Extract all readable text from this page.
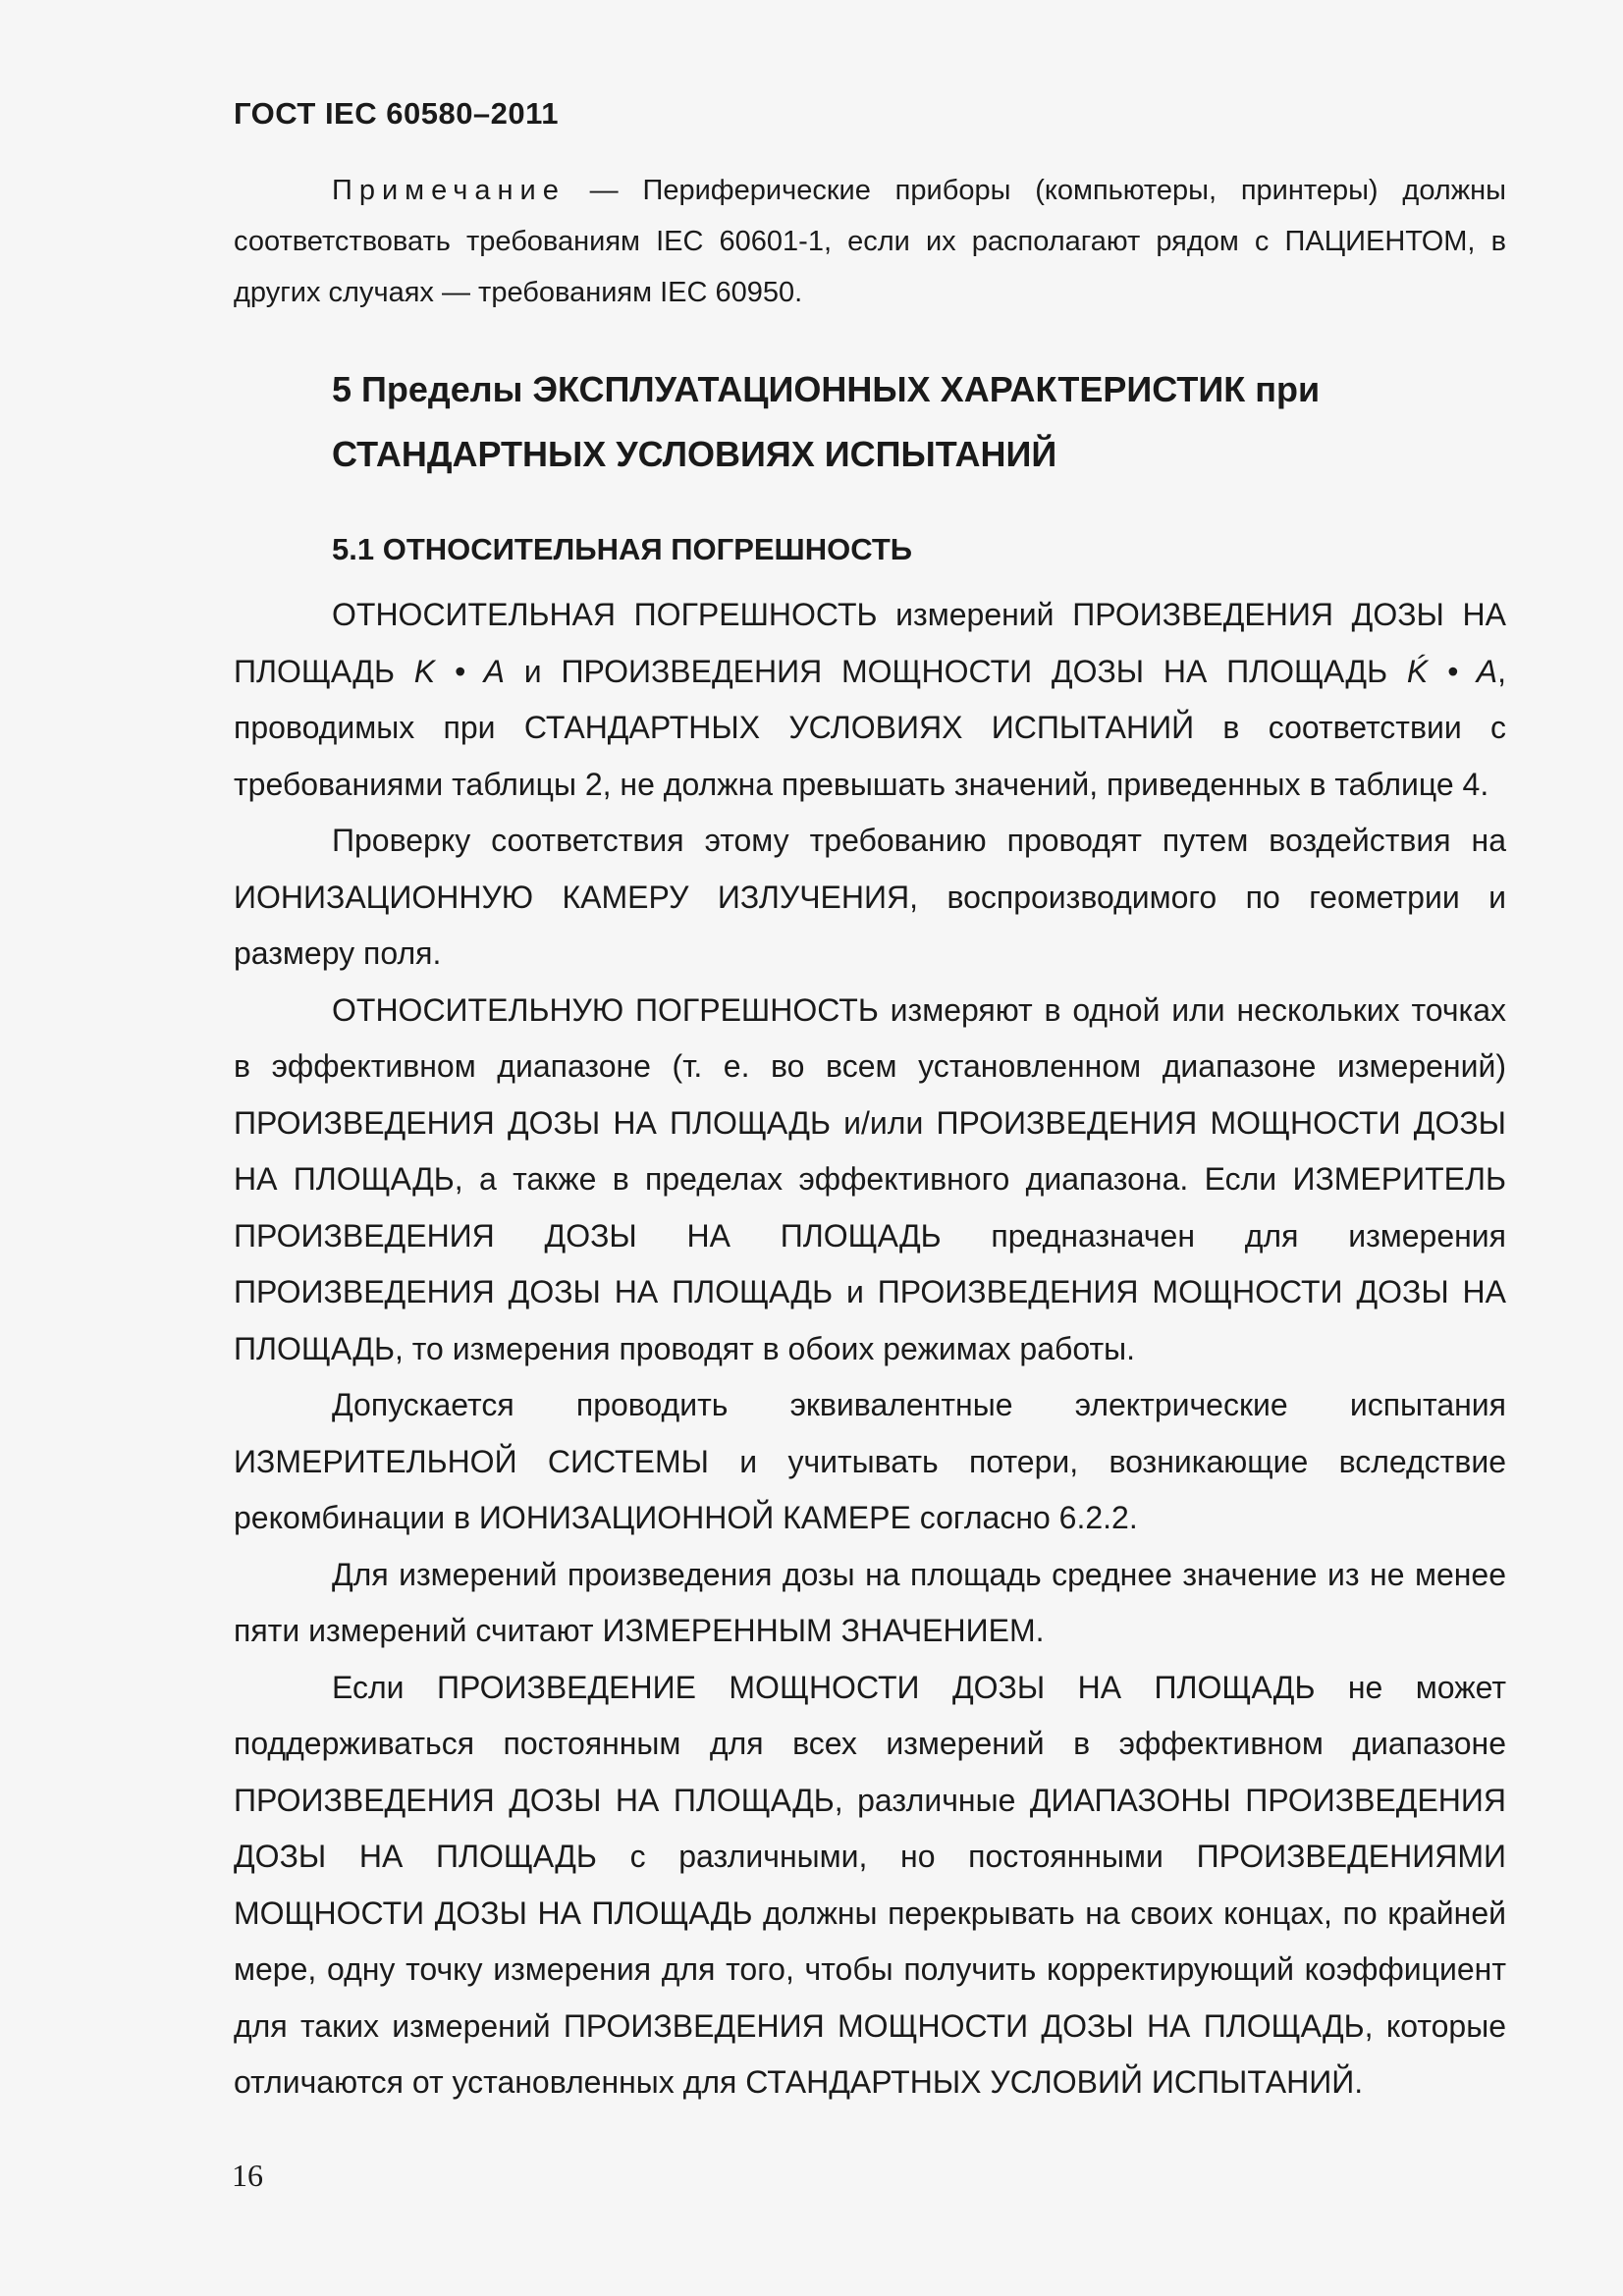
ГОСТ IEC 60580–2011

Примечание — Периферические приборы (компьютеры, принтеры) должны соответствовать требованиям IEC 60601-1, если их располагают рядом с ПАЦИЕНТОМ, в других случаях — требованиям IEC 60950.

5 Пределы ЭКСПЛУАТАЦИОННЫХ ХАРАКТЕРИСТИК при СТАНДАРТНЫХ УСЛОВИЯХ ИСПЫТАНИЙ
5.1 ОТНОСИТЕЛЬНАЯ ПОГРЕШНОСТЬ

ОТНОСИТЕЛЬНАЯ ПОГРЕШНОСТЬ измерений ПРОИЗВЕДЕНИЯ ДОЗЫ НА ПЛОЩАДЬ K • A и ПРОИЗВЕДЕНИЯ МОЩНОСТИ ДОЗЫ НА ПЛОЩАДЬ Ḱ • A, проводимых при СТАНДАРТНЫХ УСЛОВИЯХ ИСПЫТАНИЙ в соответствии с требованиями таблицы 2, не должна превышать значений, приведенных в таблице 4.

Проверку соответствия этому требованию проводят путем воздействия на ИОНИЗАЦИОННУЮ КАМЕРУ ИЗЛУЧЕНИЯ, воспроизводимого по геометрии и размеру поля.

ОТНОСИТЕЛЬНУЮ ПОГРЕШНОСТЬ измеряют в одной или нескольких точках в эффективном диапазоне (т. е. во всем установленном диапазоне измерений) ПРОИЗВЕДЕНИЯ ДОЗЫ НА ПЛОЩАДЬ и/или ПРОИЗВЕДЕНИЯ МОЩНОСТИ ДОЗЫ НА ПЛОЩАДЬ, а также в пределах эффективного диапазона. Если ИЗМЕРИТЕЛЬ ПРОИЗВЕДЕНИЯ ДОЗЫ НА ПЛОЩАДЬ предназначен для измерения ПРОИЗВЕДЕНИЯ ДОЗЫ НА ПЛОЩАДЬ и ПРОИЗВЕДЕНИЯ МОЩНОСТИ ДОЗЫ НА ПЛОЩАДЬ, то измерения проводят в обоих режимах работы.

Допускается проводить эквивалентные электрические испытания ИЗМЕРИТЕЛЬНОЙ СИСТЕМЫ и учитывать потери, возникающие вследствие рекомбинации в ИОНИЗАЦИОННОЙ КАМЕРЕ согласно 6.2.2.

Для измерений произведения дозы на площадь среднее значение из не менее пяти измерений считают ИЗМЕРЕННЫМ ЗНАЧЕНИЕМ.

Если ПРОИЗВЕДЕНИЕ МОЩНОСТИ ДОЗЫ НА ПЛОЩАДЬ не может поддерживаться постоянным для всех измерений в эффективном диапазоне ПРОИЗВЕДЕНИЯ ДОЗЫ НА ПЛОЩАДЬ, различные ДИАПАЗОНЫ ПРОИЗВЕДЕНИЯ ДОЗЫ НА ПЛОЩАДЬ с различными, но постоянными ПРОИЗВЕДЕНИЯМИ МОЩНОСТИ ДОЗЫ НА ПЛОЩАДЬ должны перекрывать на своих концах, по крайней мере, одну точку измерения для того, чтобы получить корректирующий коэффициент для таких измерений ПРОИЗВЕДЕНИЯ МОЩНОСТИ ДОЗЫ НА ПЛОЩАДЬ, которые отличаются от установленных для СТАНДАРТНЫХ УСЛОВИЙ ИСПЫТАНИЙ.

16
